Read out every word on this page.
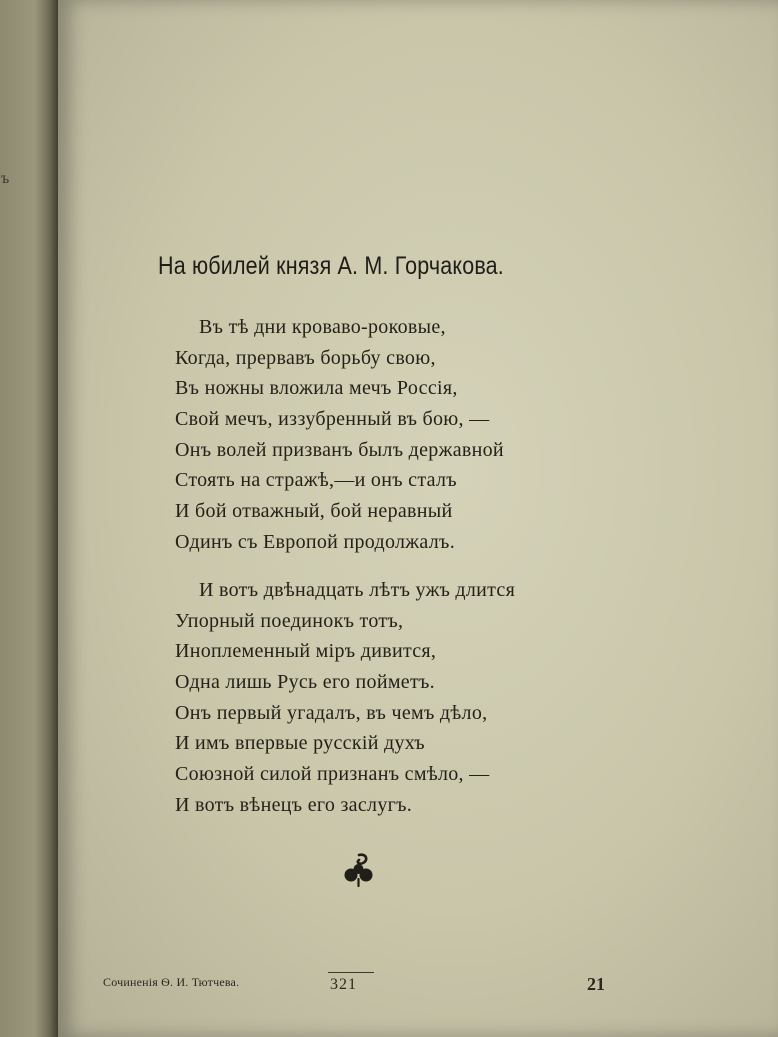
ъ
На юбилей князя А. М. Горчакова.
Въ тѣ дни кроваво-роковые,
Когда, прервавъ борьбу свою,
Въ ножны вложила мечъ Россія,
Свой мечъ, иззубренный въ бою, —
Онъ волей призванъ былъ державной
Стоять на стражѣ,—и онъ сталъ
И бой отважный, бой неравный
Одинъ съ Европой продолжалъ.
И вотъ двѣнадцать лѣтъ ужъ длится
Упорный поединокъ тотъ,
Иноплеменный міръ дивится,
Одна лишь Русь его пойметъ.
Онъ первый угадалъ, въ чемъ дѣло,
И имъ впервые русскій духъ
Союзной силой признанъ смѣло, —
И вотъ вѣнецъ его заслугъ.
Сочиненія Ѳ. И. Тютчева.	321	21
